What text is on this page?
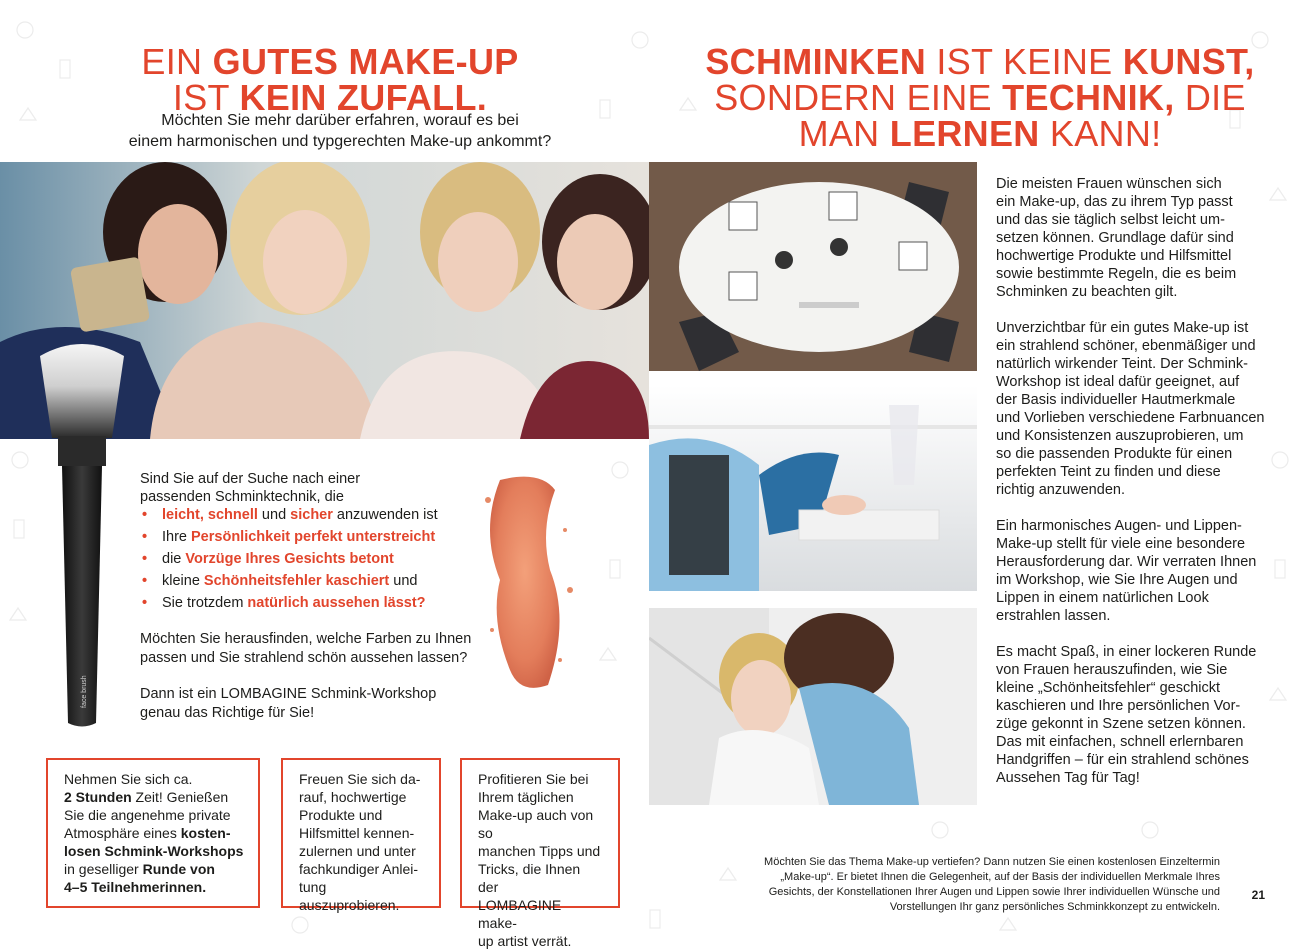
EIN GUTES MAKE-UP
IST KEIN ZUFALL.
Möchten Sie mehr darüber erfahren, worauf es bei
einem harmonischen und typgerechten Make-up ankommt?
SCHMINKEN IST KEINE KUNST,
SONDERN EINE TECHNIK, DIE
MAN LERNEN KANN!
face brush
Sind Sie auf der Suche nach einer
passenden Schminktechnik, die
• leicht, schnell und sicher anzuwenden ist
• Ihre Persönlichkeit perfekt unterstreicht
• die Vorzüge Ihres Gesichts betont
• kleine Schönheitsfehler kaschiert und
• Sie trotzdem natürlich aussehen lässt?
Möchten Sie herausfinden, welche Farben zu Ihnen
passen und Sie strahlend schön aussehen lassen?
Dann ist ein LOMBAGINE Schmink-Workshop
genau das Richtige für Sie!
Nehmen Sie sich ca.
2 Stunden Zeit! Genießen
Sie die angenehme private
Atmosphäre eines kosten-
losen Schmink-Workshops
in geselliger Runde von
4–5 Teilnehmerinnen.
Freuen Sie sich da-
rauf, hochwertige
Produkte und
Hilfsmittel kennen-
zulernen und unter
fachkundiger Anlei-
tung auszuprobieren.
Profitieren Sie bei
Ihrem täglichen
Make-up auch von so
manchen Tipps und
Tricks, die Ihnen der
LOMBAGINE make-
up artist verrät.

Die meisten Frauen wünschen sich
ein Make-up, das zu ihrem Typ passt
und das sie täglich selbst leicht um-
setzen können. Grundlage dafür sind
hochwertige Produkte und Hilfsmittel
sowie bestimmte Regeln, die es beim
Schminken zu beachten gilt.

Unverzichtbar für ein gutes Make-up ist
ein strahlend schöner, ebenmäßiger und
natürlich wirkender Teint. Der Schmink-
Workshop ist ideal dafür geeignet, auf
der Basis individueller Hautmerkmale
und Vorlieben verschiedene Farbnuancen
und Konsistenzen auszuprobieren, um
so die passenden Produkte für einen
perfekten Teint zu finden und diese
richtig anzuwenden.

Ein harmonisches Augen- und Lippen-
Make-up stellt für viele eine besondere
Herausforderung dar. Wir verraten Ihnen
im Workshop, wie Sie Ihre Augen und
Lippen in einem natürlichen Look
erstrahlen lassen.

Es macht Spaß, in einer lockeren Runde
von Frauen herauszufinden, wie Sie
kleine „Schönheitsfehler“ geschickt
kaschieren und Ihre persönlichen Vor-
züge gekonnt in Szene setzen können.
Das mit einfachen, schnell erlernbaren
Handgriffen – für ein strahlend schönes
Aussehen Tag für Tag!

Möchten Sie das Thema Make-up vertiefen? Dann nutzen Sie einen kostenlosen Einzeltermin
„Make-up“. Er bietet Ihnen die Gelegenheit, auf der Basis der individuellen Merkmale Ihres
Gesichts, der Konstellationen Ihrer Augen und Lippen sowie Ihrer individuellen Wünsche und
Vorstellungen Ihr ganz persönliches Schminkkonzept zu entwickeln.
21
